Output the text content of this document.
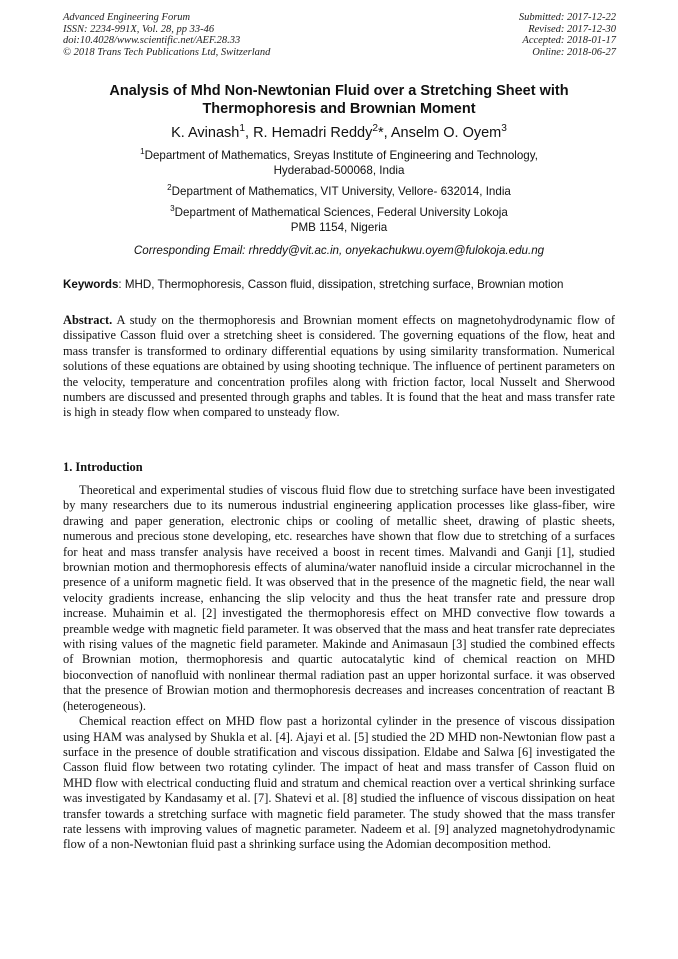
Advanced Engineering Forum
ISSN: 2234-991X, Vol. 28, pp 33-46
doi:10.4028/www.scientific.net/AEF.28.33
© 2018 Trans Tech Publications Ltd, Switzerland
Submitted: 2017-12-22
Revised: 2017-12-30
Accepted: 2018-01-17
Online: 2018-06-27
Analysis of Mhd Non-Newtonian Fluid over a Stretching Sheet with
Thermophoresis and Brownian Moment
K. Avinash$^1$, R. Hemadri Reddy$^2$*, Anselm O. Oyem$^3$
$^1$Department of Mathematics, Sreyas Institute of Engineering and Technology,
Hyderabad-500068, India
$^2$Department of Mathematics, VIT University, Vellore- 632014, India
$^3$Department of Mathematical Sciences, Federal University Lokoja
PMB 1154, Nigeria
Corresponding Email: rhreddy@vit.ac.in, onyekachukwu.oyem@fulokoja.edu.ng
Keywords: MHD, Thermophoresis, Casson fluid, dissipation, stretching surface, Brownian motion
Abstract. A study on the thermophoresis and Brownian moment effects on magnetohydrodynamic flow of dissipative Casson fluid over a stretching sheet is considered. The governing equations of the flow, heat and mass transfer is transformed to ordinary differential equations by using similarity transformation. Numerical solutions of these equations are obtained by using shooting technique. The influence of pertinent parameters on the velocity, temperature and concentration profiles along with friction factor, local Nusselt and Sherwood numbers are discussed and presented through graphs and tables. It is found that the heat and mass transfer rate is high in steady flow when compared to unsteady flow.
1. Introduction

Theoretical and experimental studies of viscous fluid flow due to stretching surface have been investigated by many researchers due to its numerous industrial engineering application processes like glass-fiber, wire drawing and paper generation, electronic chips or cooling of metallic sheet, drawing of plastic sheets, numerous and precious stone developing, etc. researches have shown that flow due to stretching of a surfaces for heat and mass transfer analysis have received a boost in recent times. Malvandi and Ganji [1], studied brownian motion and thermophoresis effects of alumina/water nanofluid inside a circular microchannel in the presence of a uniform magnetic field. It was observed that in the presence of the magnetic field, the near wall velocity gradients increase, enhancing the slip velocity and thus the heat transfer rate and pressure drop increase. Muhaimin et al. [2] investigated the thermophoresis effect on MHD convective flow towards a preamble wedge with magnetic field parameter. It was observed that the mass and heat transfer rate depreciates with rising values of the magnetic field parameter. Makinde and Animasaun [3] studied the combined effects of Brownian motion, thermophoresis and quartic autocatalytic kind of chemical reaction on MHD bioconvection of nanofluid with nonlinear thermal radiation past an upper horizontal surface. it was observed that the presence of Browian motion and thermophoresis decreases and increases concentration of reactant B (heterogeneous).

Chemical reaction effect on MHD flow past a horizontal cylinder in the presence of viscous dissipation using HAM was analysed by Shukla et al. [4]. Ajayi et al. [5] studied the 2D MHD non-Newtonian flow past a surface in the presence of double stratification and viscous dissipation. Eldabe and Salwa [6] investigated the Casson fluid flow between two rotating cylinder. The impact of heat and mass transfer of Casson fluid on MHD flow with electrical conducting fluid and stratum and chemical reaction over a vertical shrinking surface was investigated by Kandasamy et al. [7]. Shatevi et al. [8] studied the influence of viscous dissipation on heat transfer towards a stretching surface with magnetic field parameter. The study showed that the mass transfer rate lessens with improving values of magnetic parameter. Nadeem et al. [9] analyzed magnetohydrodynamic flow of a non-Newtonian fluid past a shrinking surface using the Adomian decomposition method.
